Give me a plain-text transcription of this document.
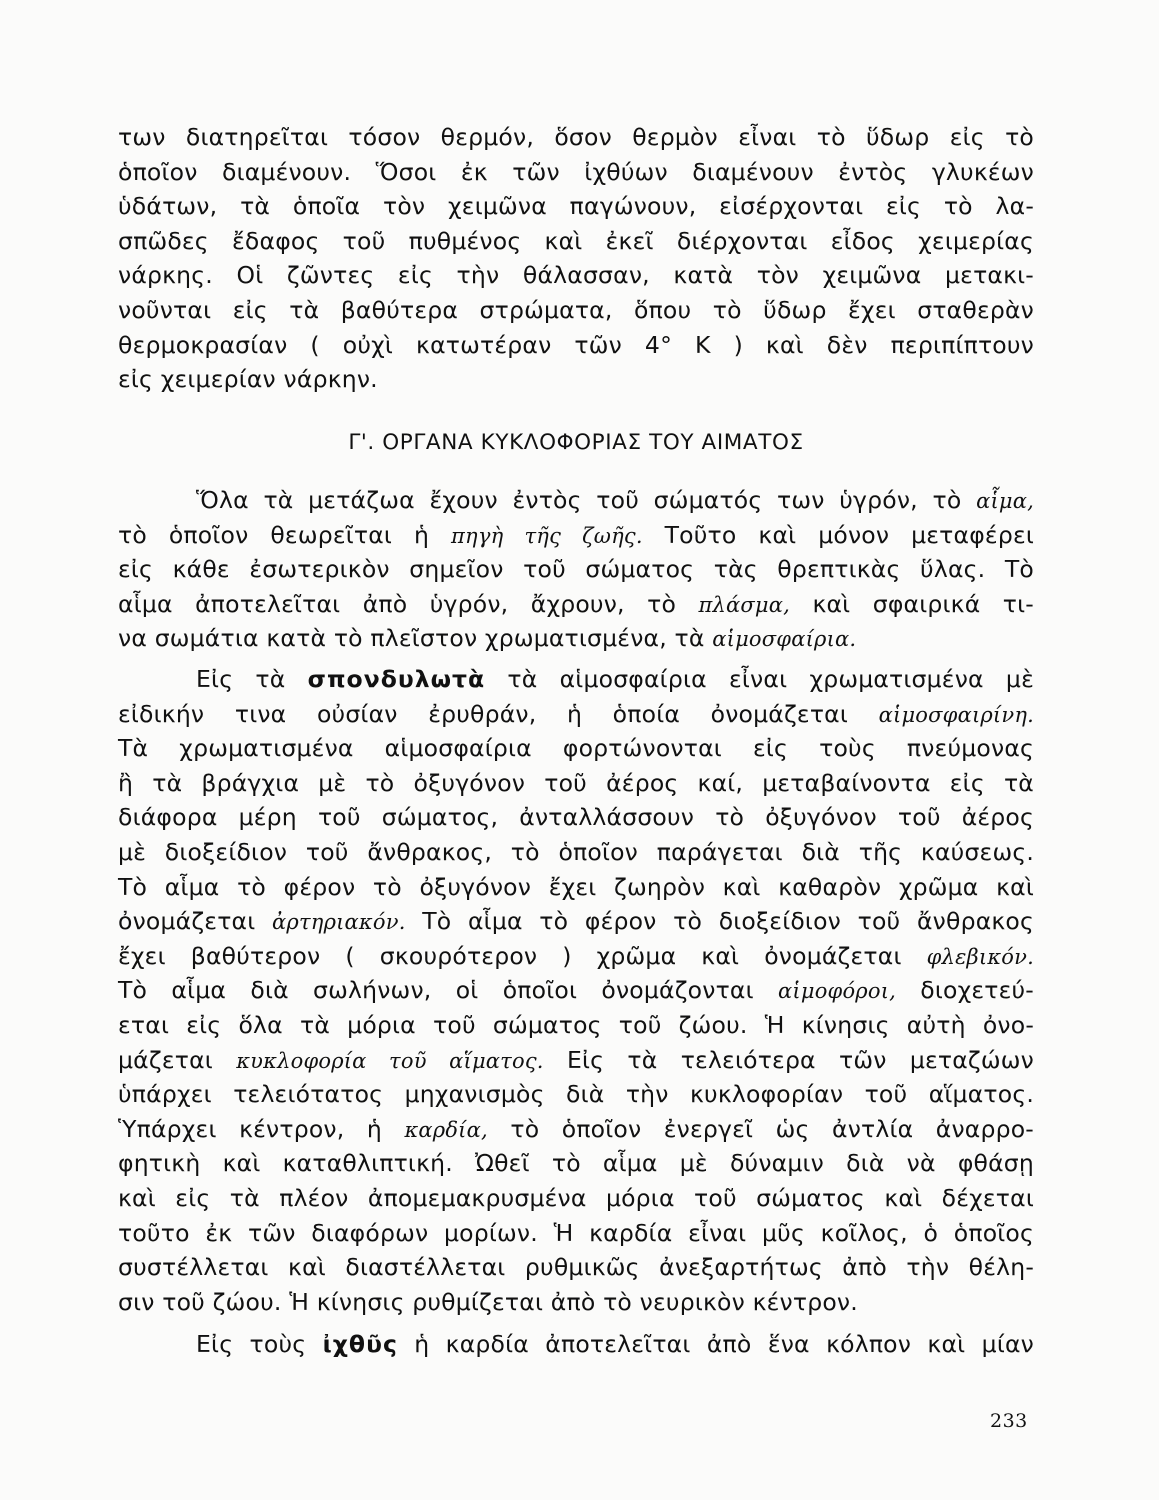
των διατηρεῖται τόσον θερμόν, ὅσον θερμὸν εἶναι τὸ ὕδωρ εἰς τὸ
ὁποῖον διαμένουν. Ὅσοι ἐκ τῶν ἰχθύων διαμένουν ἐντὸς γλυκέων
ὑδάτων, τὰ ὁποῖα τὸν χειμῶνα παγώνουν, εἰσέρχονται εἰς τὸ λα-
σπῶδες ἔδαφος τοῦ πυθμένος καὶ ἐκεῖ διέρχονται εἶδος χειμερίας
νάρκης. Οἱ ζῶντες εἰς τὴν θάλασσαν, κατὰ τὸν χειμῶνα μετακι-
νοῦνται εἰς τὰ βαθύτερα στρώματα, ὅπου τὸ ὕδωρ ἔχει σταθερὰν
θερμοκρασίαν ( οὐχὶ κατωτέραν τῶν 4° Κ ) καὶ δὲν περιπίπτουν
εἰς χειμερίαν νάρκην.
Γ'. ΟΡΓΑΝΑ ΚΥΚΛΟΦΟΡΙΑΣ ΤΟΥ ΑΙΜΑΤΟΣ
Ὅλα τὰ μετάζωα ἔχουν ἐντὸς τοῦ σώματός των ὑγρόν, τὸ αἷμα,
τὸ ὁποῖον θεωρεῖται ἡ πηγὴ τῆς ζωῆς. Τοῦτο καὶ μόνον μεταφέρει
εἰς κάθε ἐσωτερικὸν σημεῖον τοῦ σώματος τὰς θρεπτικὰς ὕλας. Τὸ
αἷμα ἀποτελεῖται ἀπὸ ὑγρόν, ἄχρουν, τὸ πλάσμα, καὶ σφαιρικά τι-
να σωμάτια κατὰ τὸ πλεῖστον χρωματισμένα, τὰ αἱμοσφαίρια.
Εἰς τὰ σπονδυλωτὰ τὰ αἱμοσφαίρια εἶναι χρωματισμένα μὲ
εἰδικήν τινα οὐσίαν ἐρυθράν, ἡ ὁποία ὀνομάζεται αἱμοσφαιρίνη.
Τὰ χρωματισμένα αἱμοσφαίρια φορτώνονται εἰς τοὺς πνεύμονας
ἢ τὰ βράγχια μὲ τὸ ὀξυγόνον τοῦ ἀέρος καί, μεταβαίνοντα εἰς τὰ
διάφορα μέρη τοῦ σώματος, ἀνταλλάσσουν τὸ ὀξυγόνον τοῦ ἀέρος
μὲ διοξείδιον τοῦ ἄνθρακος, τὸ ὁποῖον παράγεται διὰ τῆς καύσεως.
Τὸ αἷμα τὸ φέρον τὸ ὀξυγόνον ἔχει ζωηρὸν καὶ καθαρὸν χρῶμα καὶ
ὀνομάζεται ἀρτηριακόν. Τὸ αἷμα τὸ φέρον τὸ διοξείδιον τοῦ ἄνθρακος
ἔχει βαθύτερον ( σκουρότερον ) χρῶμα καὶ ὀνομάζεται φλεβικόν.
Τὸ αἷμα διὰ σωλήνων, οἱ ὁποῖοι ὀνομάζονται αἱμοφόροι, διοχετεύ-
εται εἰς ὅλα τὰ μόρια τοῦ σώματος τοῦ ζώου. Ἡ κίνησις αὐτὴ ὀνο-
μάζεται κυκλοφορία τοῦ αἵματος. Εἰς τὰ τελειότερα τῶν μεταζώων
ὑπάρχει τελειότατος μηχανισμὸς διὰ τὴν κυκλοφορίαν τοῦ αἵματος.
Ὑπάρχει κέντρον, ἡ καρδία, τὸ ὁποῖον ἐνεργεῖ ὡς ἀντλία ἀναρρο-
φητικὴ καὶ καταθλιπτική. Ὠθεῖ τὸ αἷμα μὲ δύναμιν διὰ νὰ φθάσῃ
καὶ εἰς τὰ πλέον ἀπομεμακρυσμένα μόρια τοῦ σώματος καὶ δέχεται
τοῦτο ἐκ τῶν διαφόρων μορίων. Ἡ καρδία εἶναι μῦς κοῖλος, ὁ ὁποῖος
συστέλλεται καὶ διαστέλλεται ρυθμικῶς ἀνεξαρτήτως ἀπὸ τὴν θέλη-
σιν τοῦ ζώου. Ἡ κίνησις ρυθμίζεται ἀπὸ τὸ νευρικὸν κέντρον.
Εἰς τοὺς ἰχθῦς ἡ καρδία ἀποτελεῖται ἀπὸ ἕνα κόλπον καὶ μίαν
233
